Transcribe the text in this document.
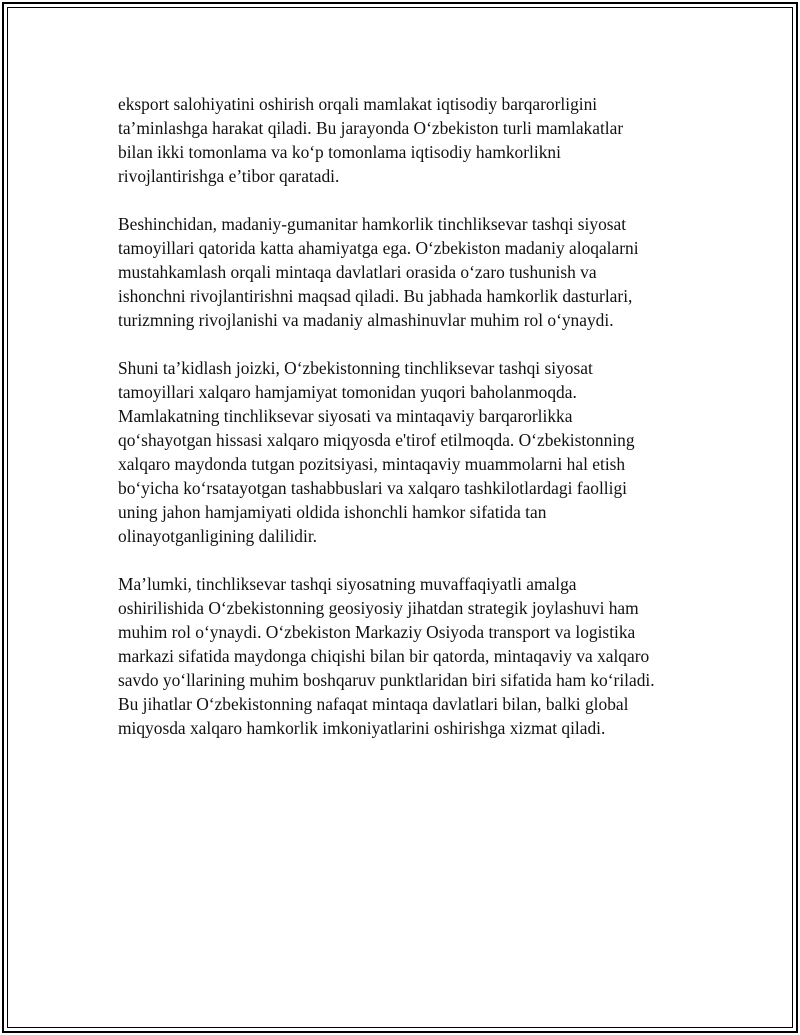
eksport salohiyatini oshirish orqali mamlakat iqtisodiy barqarorligini
ta’minlashga harakat qiladi. Bu jarayonda O‘zbekiston turli mamlakatlar
bilan ikki tomonlama va ko‘p tomonlama iqtisodiy hamkorlikni
rivojlantirishga e’tibor qaratadi.

Beshinchidan, madaniy-gumanitar hamkorlik tinchliksevar tashqi siyosat
tamoyillari qatorida katta ahamiyatga ega. O‘zbekiston madaniy aloqalarni
mustahkamlash orqali mintaqa davlatlari orasida o‘zaro tushunish va
ishonchni rivojlantirishni maqsad qiladi. Bu jabhada hamkorlik dasturlari,
turizmning rivojlanishi va madaniy almashinuvlar muhim rol o‘ynaydi.

Shuni ta’kidlash joizki, O‘zbekistonning tinchliksevar tashqi siyosat
tamoyillari xalqaro hamjamiyat tomonidan yuqori baholanmoqda.
Mamlakatning tinchliksevar siyosati va mintaqaviy barqarorlikka
qo‘shayotgan hissasi xalqaro miqyosda e'tirof etilmoqda. O‘zbekistonning
xalqaro maydonda tutgan pozitsiyasi, mintaqaviy muammolarni hal etish
bo‘yicha ko‘rsatayotgan tashabbuslari va xalqaro tashkilotlardagi faolligi
uning jahon hamjamiyati oldida ishonchli hamkor sifatida tan
olinayotganligining dalilidir.

Ma’lumki, tinchliksevar tashqi siyosatning muvaffaqiyatli amalga
oshirilishida O‘zbekistonning geosiyosiy jihatdan strategik joylashuvi ham
muhim rol o‘ynaydi. O‘zbekiston Markaziy Osiyoda transport va logistika
markazi sifatida maydonga chiqishi bilan bir qatorda, mintaqaviy va xalqaro
savdo yo‘llarining muhim boshqaruv punktlaridan biri sifatida ham ko‘riladi.
Bu jihatlar O‘zbekistonning nafaqat mintaqa davlatlari bilan, balki global
miqyosda xalqaro hamkorlik imkoniyatlarini oshirishga xizmat qiladi.
